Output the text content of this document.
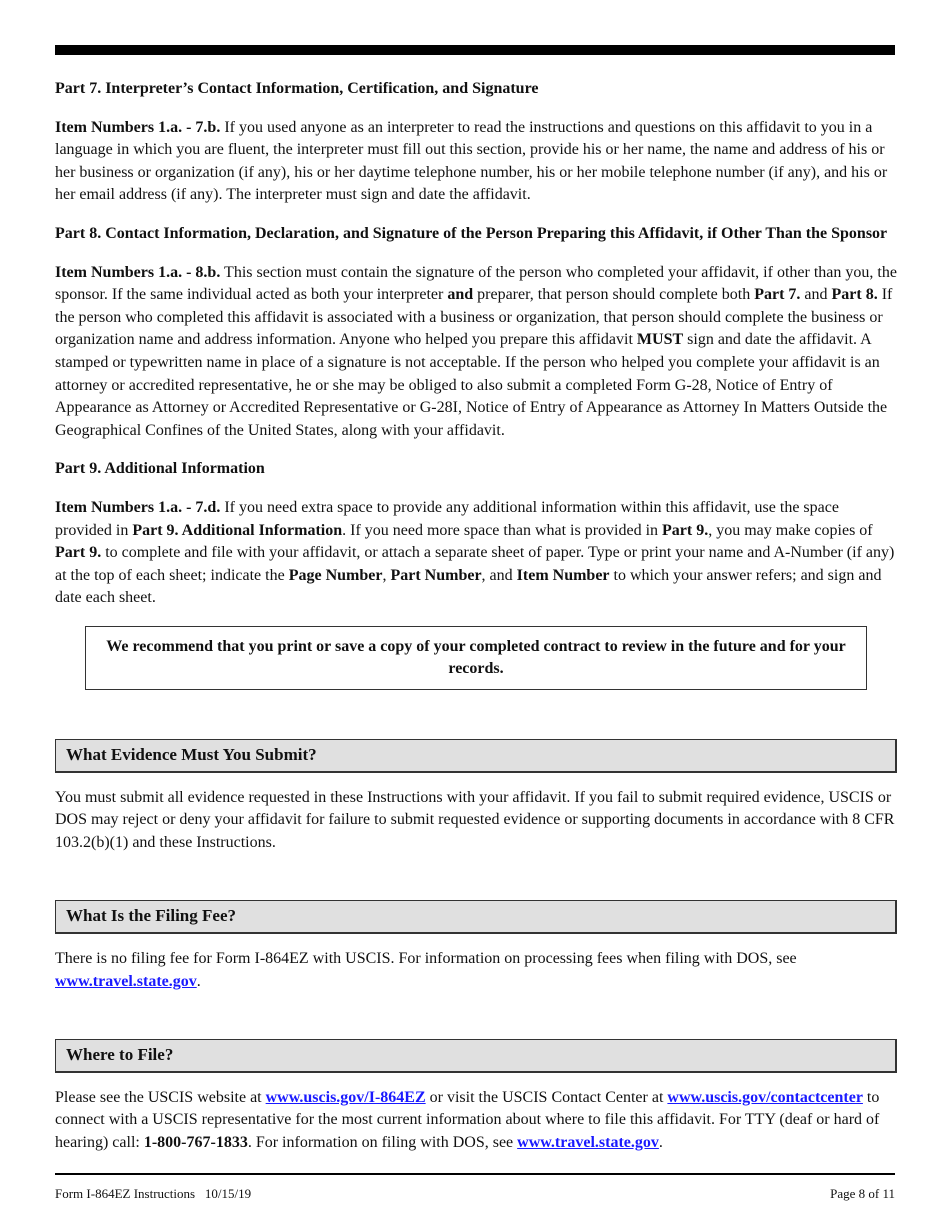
Part 7. Interpreter’s Contact Information, Certification, and Signature

Item Numbers 1.a. - 7.b. If you used anyone as an interpreter to read the instructions and questions on this affidavit to you in a language in which you are fluent, the interpreter must fill out this section, provide his or her name, the name and address of his or her business or organization (if any), his or her daytime telephone number, his or her mobile telephone number (if any), and his or her email address (if any). The interpreter must sign and date the affidavit.

Part 8. Contact Information, Declaration, and Signature of the Person Preparing this Affidavit, if Other Than the Sponsor

Item Numbers 1.a. - 8.b. This section must contain the signature of the person who completed your affidavit, if other than you, the sponsor. If the same individual acted as both your interpreter and preparer, that person should complete both Part 7. and Part 8. If the person who completed this affidavit is associated with a business or organization, that person should complete the business or organization name and address information. Anyone who helped you prepare this affidavit MUST sign and date the affidavit. A stamped or typewritten name in place of a signature is not acceptable. If the person who helped you complete your affidavit is an attorney or accredited representative, he or she may be obliged to also submit a completed Form G-28, Notice of Entry of Appearance as Attorney or Accredited Representative or G-28I, Notice of Entry of Appearance as Attorney In Matters Outside the Geographical Confines of the United States, along with your affidavit.

Part 9. Additional Information

Item Numbers 1.a. - 7.d. If you need extra space to provide any additional information within this affidavit, use the space provided in Part 9. Additional Information. If you need more space than what is provided in Part 9., you may make copies of Part 9. to complete and file with your affidavit, or attach a separate sheet of paper. Type or print your name and A-Number (if any) at the top of each sheet; indicate the Page Number, Part Number, and Item Number to which your answer refers; and sign and date each sheet.

We recommend that you print or save a copy of your completed contract to review in the future and for your records.
What Evidence Must You Submit?

You must submit all evidence requested in these Instructions with your affidavit. If you fail to submit required evidence, USCIS or DOS may reject or deny your affidavit for failure to submit requested evidence or supporting documents in accordance with 8 CFR 103.2(b)(1) and these Instructions.

What Is the Filing Fee?

There is no filing fee for Form I-864EZ with USCIS. For information on processing fees when filing with DOS, see www.travel.state.gov.

Where to File?

Please see the USCIS website at www.uscis.gov/I-864EZ or visit the USCIS Contact Center at www.uscis.gov/contactcenter to connect with a USCIS representative for the most current information about where to file this affidavit. For TTY (deaf or hard of hearing) call: 1-800-767-1833. For information on filing with DOS, see www.travel.state.gov.

Form I-864EZ Instructions   10/15/19	Page 8 of 11
